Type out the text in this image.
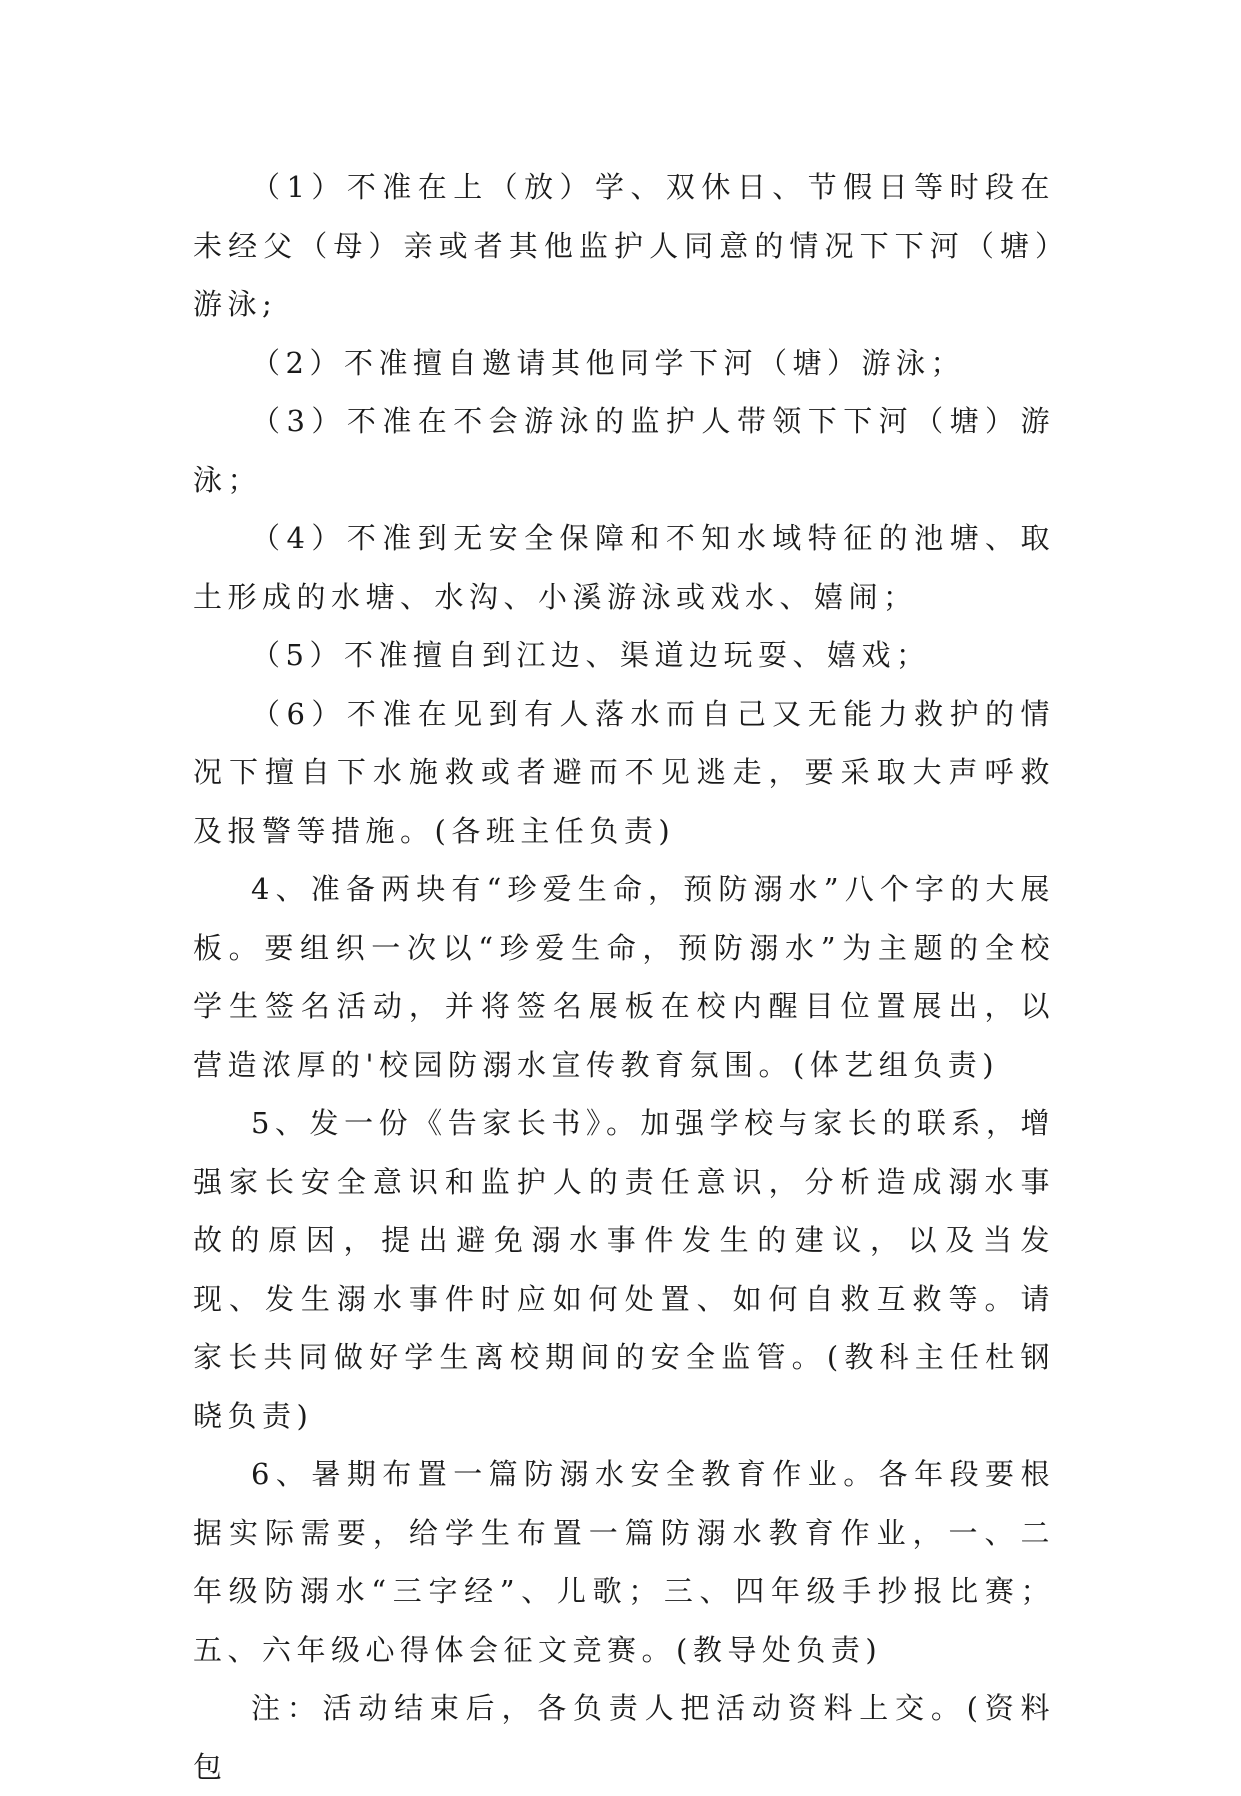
（1）不准在上（放）学、双休日、节假日等时段在未经父（母）亲或者其他监护人同意的情况下下河（塘）游泳;

（2）不准擅自邀请其他同学下河（塘）游泳；

（3）不准在不会游泳的监护人带领下下河（塘）游泳；

（4）不准到无安全保障和不知水域特征的池塘、取土形成的水塘、水沟、小溪游泳或戏水、嬉闹；

（5）不准擅自到江边、渠道边玩耍、嬉戏；

（6）不准在见到有人落水而自己又无能力救护的情况下擅自下水施救或者避而不见逃走，要采取大声呼救及报警等措施。(各班主任负责)

4、准备两块有“珍爱生命，预防溺水”八个字的大展板。要组织一次以“珍爱生命，预防溺水”为主题的全校学生签名活动，并将签名展板在校内醒目位置展出，以营造浓厚的'校园防溺水宣传教育氛围。(体艺组负责)

5、发一份《告家长书》。加强学校与家长的联系，增强家长安全意识和监护人的责任意识，分析造成溺水事故的原因，提出避免溺水事件发生的建议，以及当发现、发生溺水事件时应如何处置、如何自救互救等。请家长共同做好学生离校期间的安全监管。(教科主任杜钢晓负责)

6、暑期布置一篇防溺水安全教育作业。各年段要根据实际需要，给学生布置一篇防溺水教育作业，一、二年级防溺水“三字经”、儿歌；三、四年级手抄报比赛；五、六年级心得体会征文竞赛。(教导处负责)

注：活动结束后，各负责人把活动资料上交。(资料包
